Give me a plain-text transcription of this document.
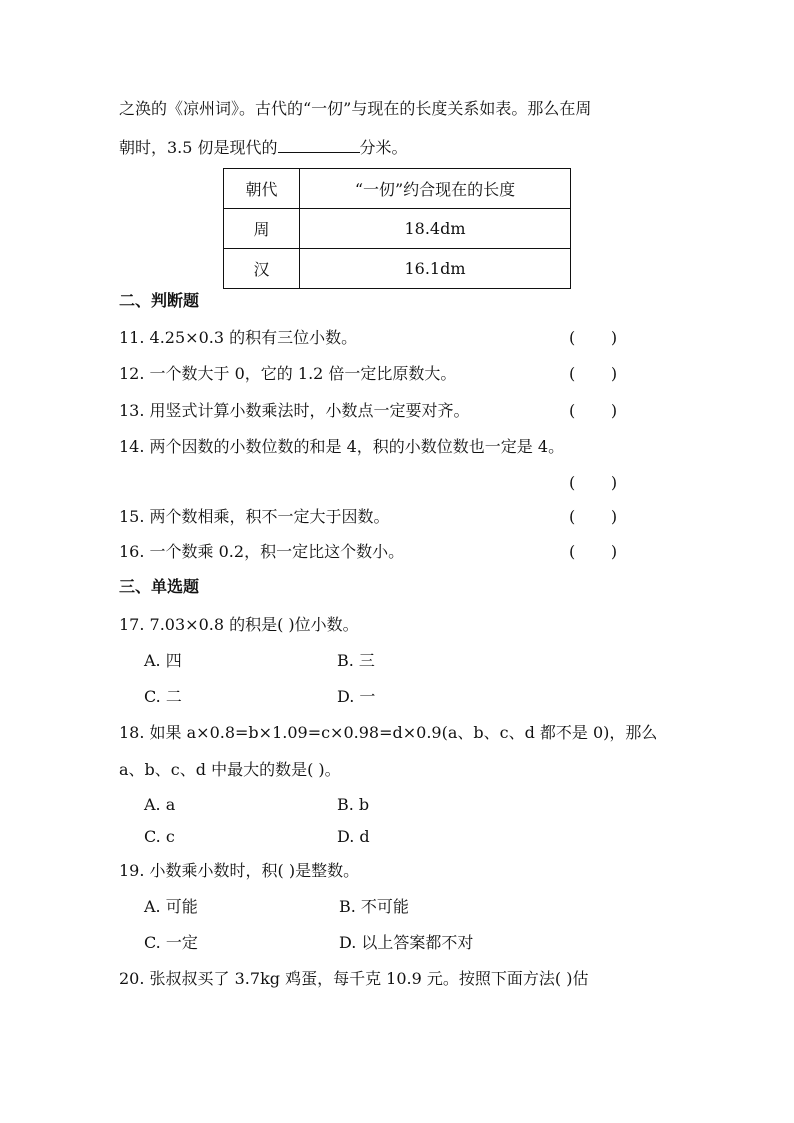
之涣的《凉州词》。古代的“一仞”与现在的长度关系如表。那么在周
朝时，3.5 仞是现代的	分米。
朝代	“一仞”约合现在的长度
周	18.4dm
汉	16.1dm
二、判断题
11. 4.25×0.3 的积有三位小数。	(       )
12. 一个数大于 0，它的 1.2 倍一定比原数大。	(       )
13. 用竖式计算小数乘法时，小数点一定要对齐。	(       )
14. 两个因数的小数位数的和是 4，积的小数位数也一定是 4。
(       )
15. 两个数相乘，积不一定大于因数。	(       )
16. 一个数乘 0.2，积一定比这个数小。	(       )
三、单选题
17. 7.03×0.8 的积是( )位小数。
A. 四	B. 三
C. 二	D. 一
18. 如果 a×0.8=b×1.09=c×0.98=d×0.9(a、b、c、d 都不是 0)，那么
a、b、c、d 中最大的数是( )。
A. a	B. b
C. c	D. d
19. 小数乘小数时，积( )是整数。
A. 可能	B. 不可能
C. 一定	D. 以上答案都不对
20. 张叔叔买了 3.7kg 鸡蛋，每千克 10.9 元。按照下面方法( )估
